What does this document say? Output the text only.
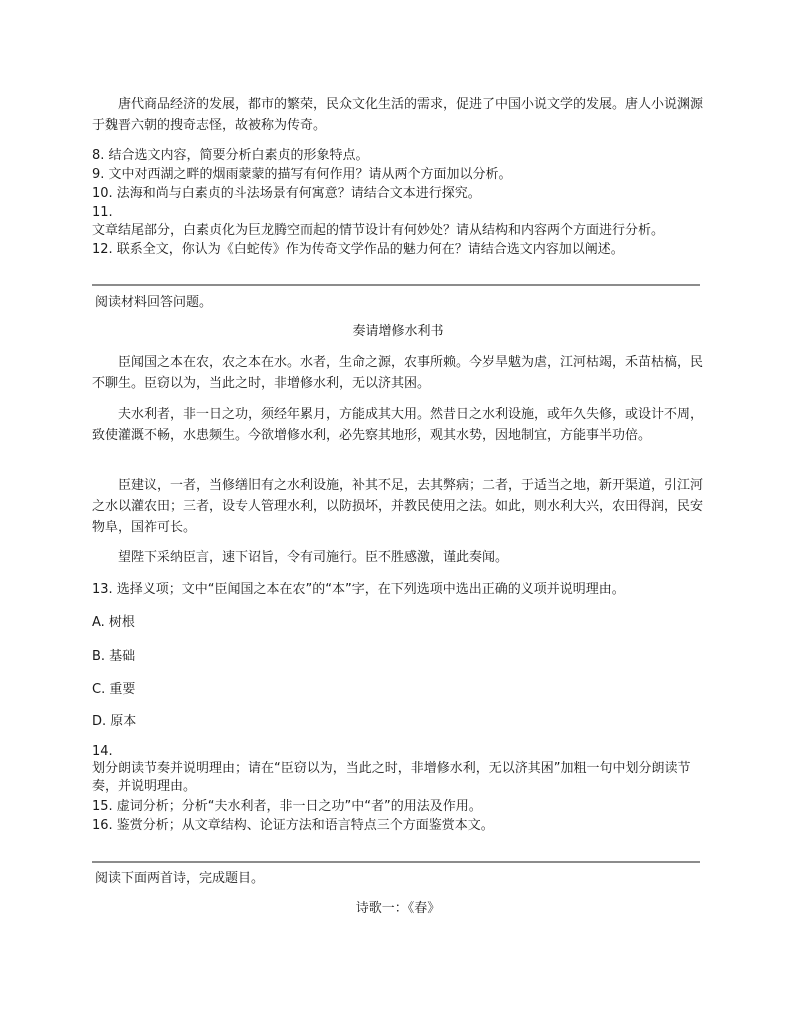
唐代商品经济的发展，都市的繁荣，民众文化生活的需求，促进了中国小说文学的发展。唐人小说渊源于魏晋六朝的搜奇志怪，故被称为传奇。
8. 结合选文内容，简要分析白素贞的形象特点。
9. 文中对西湖之畔的烟雨蒙蒙的描写有何作用？请从两个方面加以分析。
10. 法海和尚与白素贞的斗法场景有何寓意？请结合文本进行探究。
11.
文章结尾部分，白素贞化为巨龙腾空而起的情节设计有何妙处？请从结构和内容两个方面进行分析。
12. 联系全文，你认为《白蛇传》作为传奇文学作品的魅力何在？请结合选文内容加以阐述。
阅读材料回答问题。
奏请增修水利书
臣闻国之本在农，农之本在水。水者，生命之源，农事所赖。今岁旱魃为虐，江河枯竭，禾苗枯槁，民不聊生。臣窃以为，当此之时，非增修水利，无以济其困。
夫水利者，非一日之功，须经年累月，方能成其大用。然昔日之水利设施，或年久失修，或设计不周，致使灌溉不畅，水患频生。今欲增修水利，必先察其地形，观其水势，因地制宜，方能事半功倍。
臣建议，一者，当修缮旧有之水利设施，补其不足，去其弊病；二者，于适当之地，新开渠道，引江河之水以灌农田；三者，设专人管理水利，以防损坏，并教民使用之法。如此，则水利大兴，农田得润，民安物阜，国祚可长。
望陛下采纳臣言，速下诏旨，令有司施行。臣不胜感激，谨此奏闻。
13. 选择义项；文中“臣闻国之本在农”的“本”字，在下列选项中选出正确的义项并说明理由。
A. 树根
B. 基础
C. 重要
D. 原本
14.
划分朗读节奏并说明理由；请在“臣窃以为，当此之时，非增修水利，无以济其困”加粗一句中划分朗读节奏，并说明理由。
15. 虚词分析；分析“夫水利者，非一日之功”中“者”的用法及作用。
16. 鉴赏分析；从文章结构、论证方法和语言特点三个方面鉴赏本文。
阅读下面两首诗，完成题目。
诗歌一：《春》
